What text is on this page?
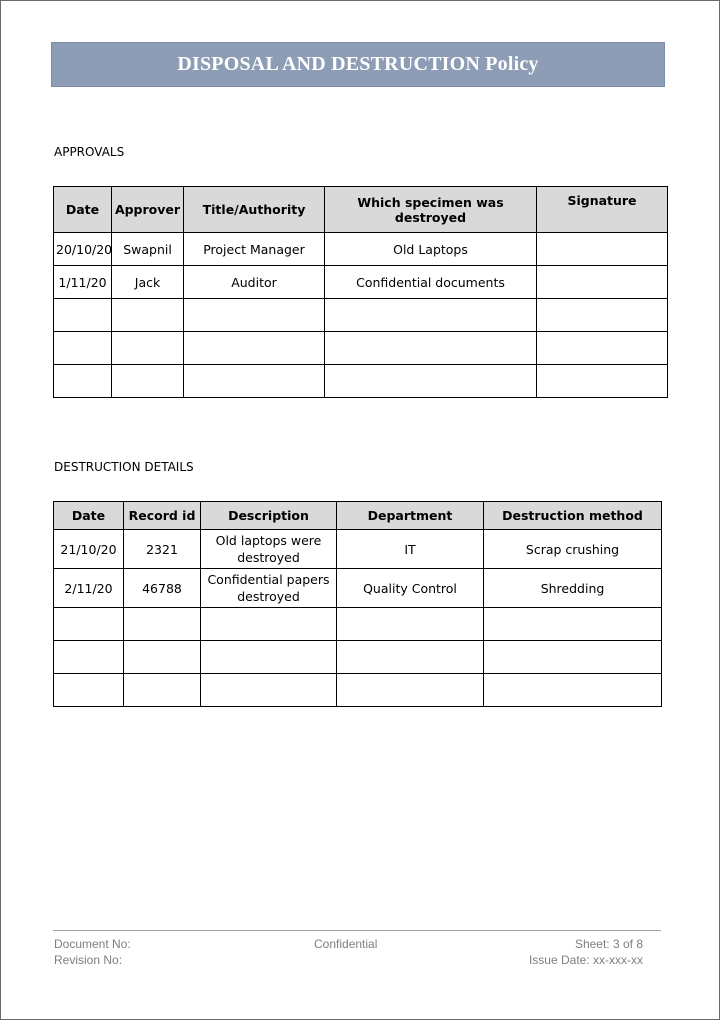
DISPOSAL AND DESTRUCTION Policy
APPROVALS
Date	Approver	Title/Authority	Which specimen was destroyed	Signature
20/10/20	Swapnil	Project Manager	Old Laptops	
1/11/20	Jack	Auditor	Confidential documents	

DESTRUCTION DETAILS
Date	Record id	Description	Department	Destruction method
21/10/20	2321	Old laptops were destroyed	IT	Scrap crushing
2/11/20	46788	Confidential papers destroyed	Quality Control	Shredding

Document No:
Revision No:
Confidential	Sheet: 3 of 8
Issue Date: xx-xxx-xx
